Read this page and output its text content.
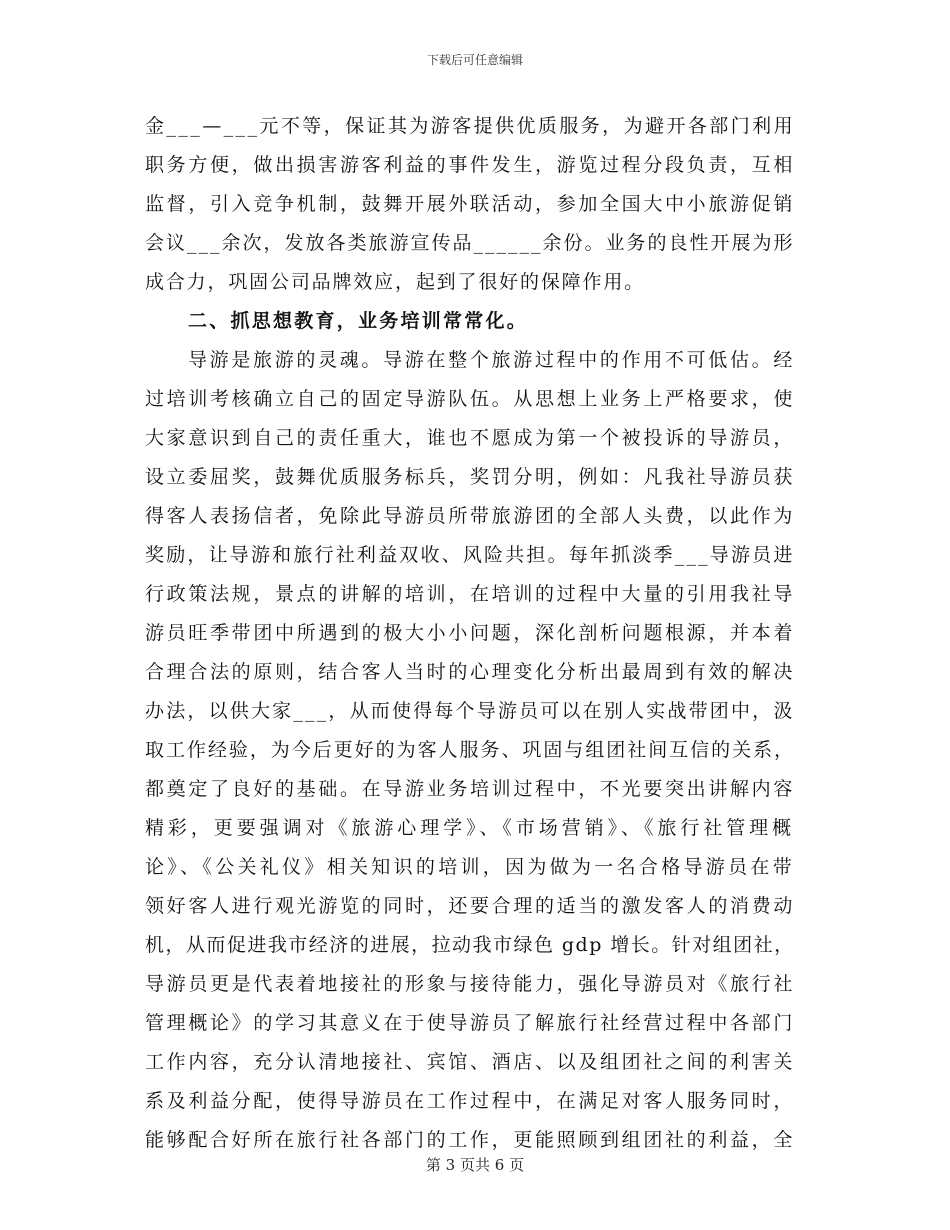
下载后可任意编辑
金___—___元不等，保证其为游客提供优质服务，为避开各部门利用
职务方便，做出损害游客利益的事件发生，游览过程分段负责，互相
监督，引入竞争机制，鼓舞开展外联活动，参加全国大中小旅游促销
会议___余次，发放各类旅游宣传品______余份。业务的良性开展为形
成合力，巩固公司品牌效应，起到了很好的保障作用。
二、抓思想教育，业务培训常常化。
导游是旅游的灵魂。导游在整个旅游过程中的作用不可低估。经
过培训考核确立自己的固定导游队伍。从思想上业务上严格要求，使
大家意识到自己的责任重大，谁也不愿成为第一个被投诉的导游员，
设立委屈奖，鼓舞优质服务标兵，奖罚分明，例如：凡我社导游员获
得客人表扬信者，免除此导游员所带旅游团的全部人头费，以此作为
奖励，让导游和旅行社利益双收、风险共担。每年抓淡季___导游员进
行政策法规，景点的讲解的培训，在培训的过程中大量的引用我社导
游员旺季带团中所遇到的极大小小问题，深化剖析问题根源，并本着
合理合法的原则，结合客人当时的心理变化分析出最周到有效的解决
办法，以供大家___，从而使得每个导游员可以在别人实战带团中，汲
取工作经验，为今后更好的为客人服务、巩固与组团社间互信的关系，
都奠定了良好的基础。在导游业务培训过程中，不光要突出讲解内容
精彩，更要强调对《旅游心理学》、《市场营销》、《旅行社管理概
论》、《公关礼仪》相关知识的培训，因为做为一名合格导游员在带
领好客人进行观光游览的同时，还要合理的适当的激发客人的消费动
机，从而促进我市经济的进展，拉动我市绿色 gdp 增长。针对组团社，
导游员更是代表着地接社的形象与接待能力，强化导游员对《旅行社
管理概论》的学习其意义在于使导游员了解旅行社经营过程中各部门
工作内容，充分认清地接社、宾馆、酒店、以及组团社之间的利害关
系及利益分配，使得导游员在工作过程中，在满足对客人服务同时，
能够配合好所在旅行社各部门的工作，更能照顾到组团社的利益，全
第 3 页共 6 页
